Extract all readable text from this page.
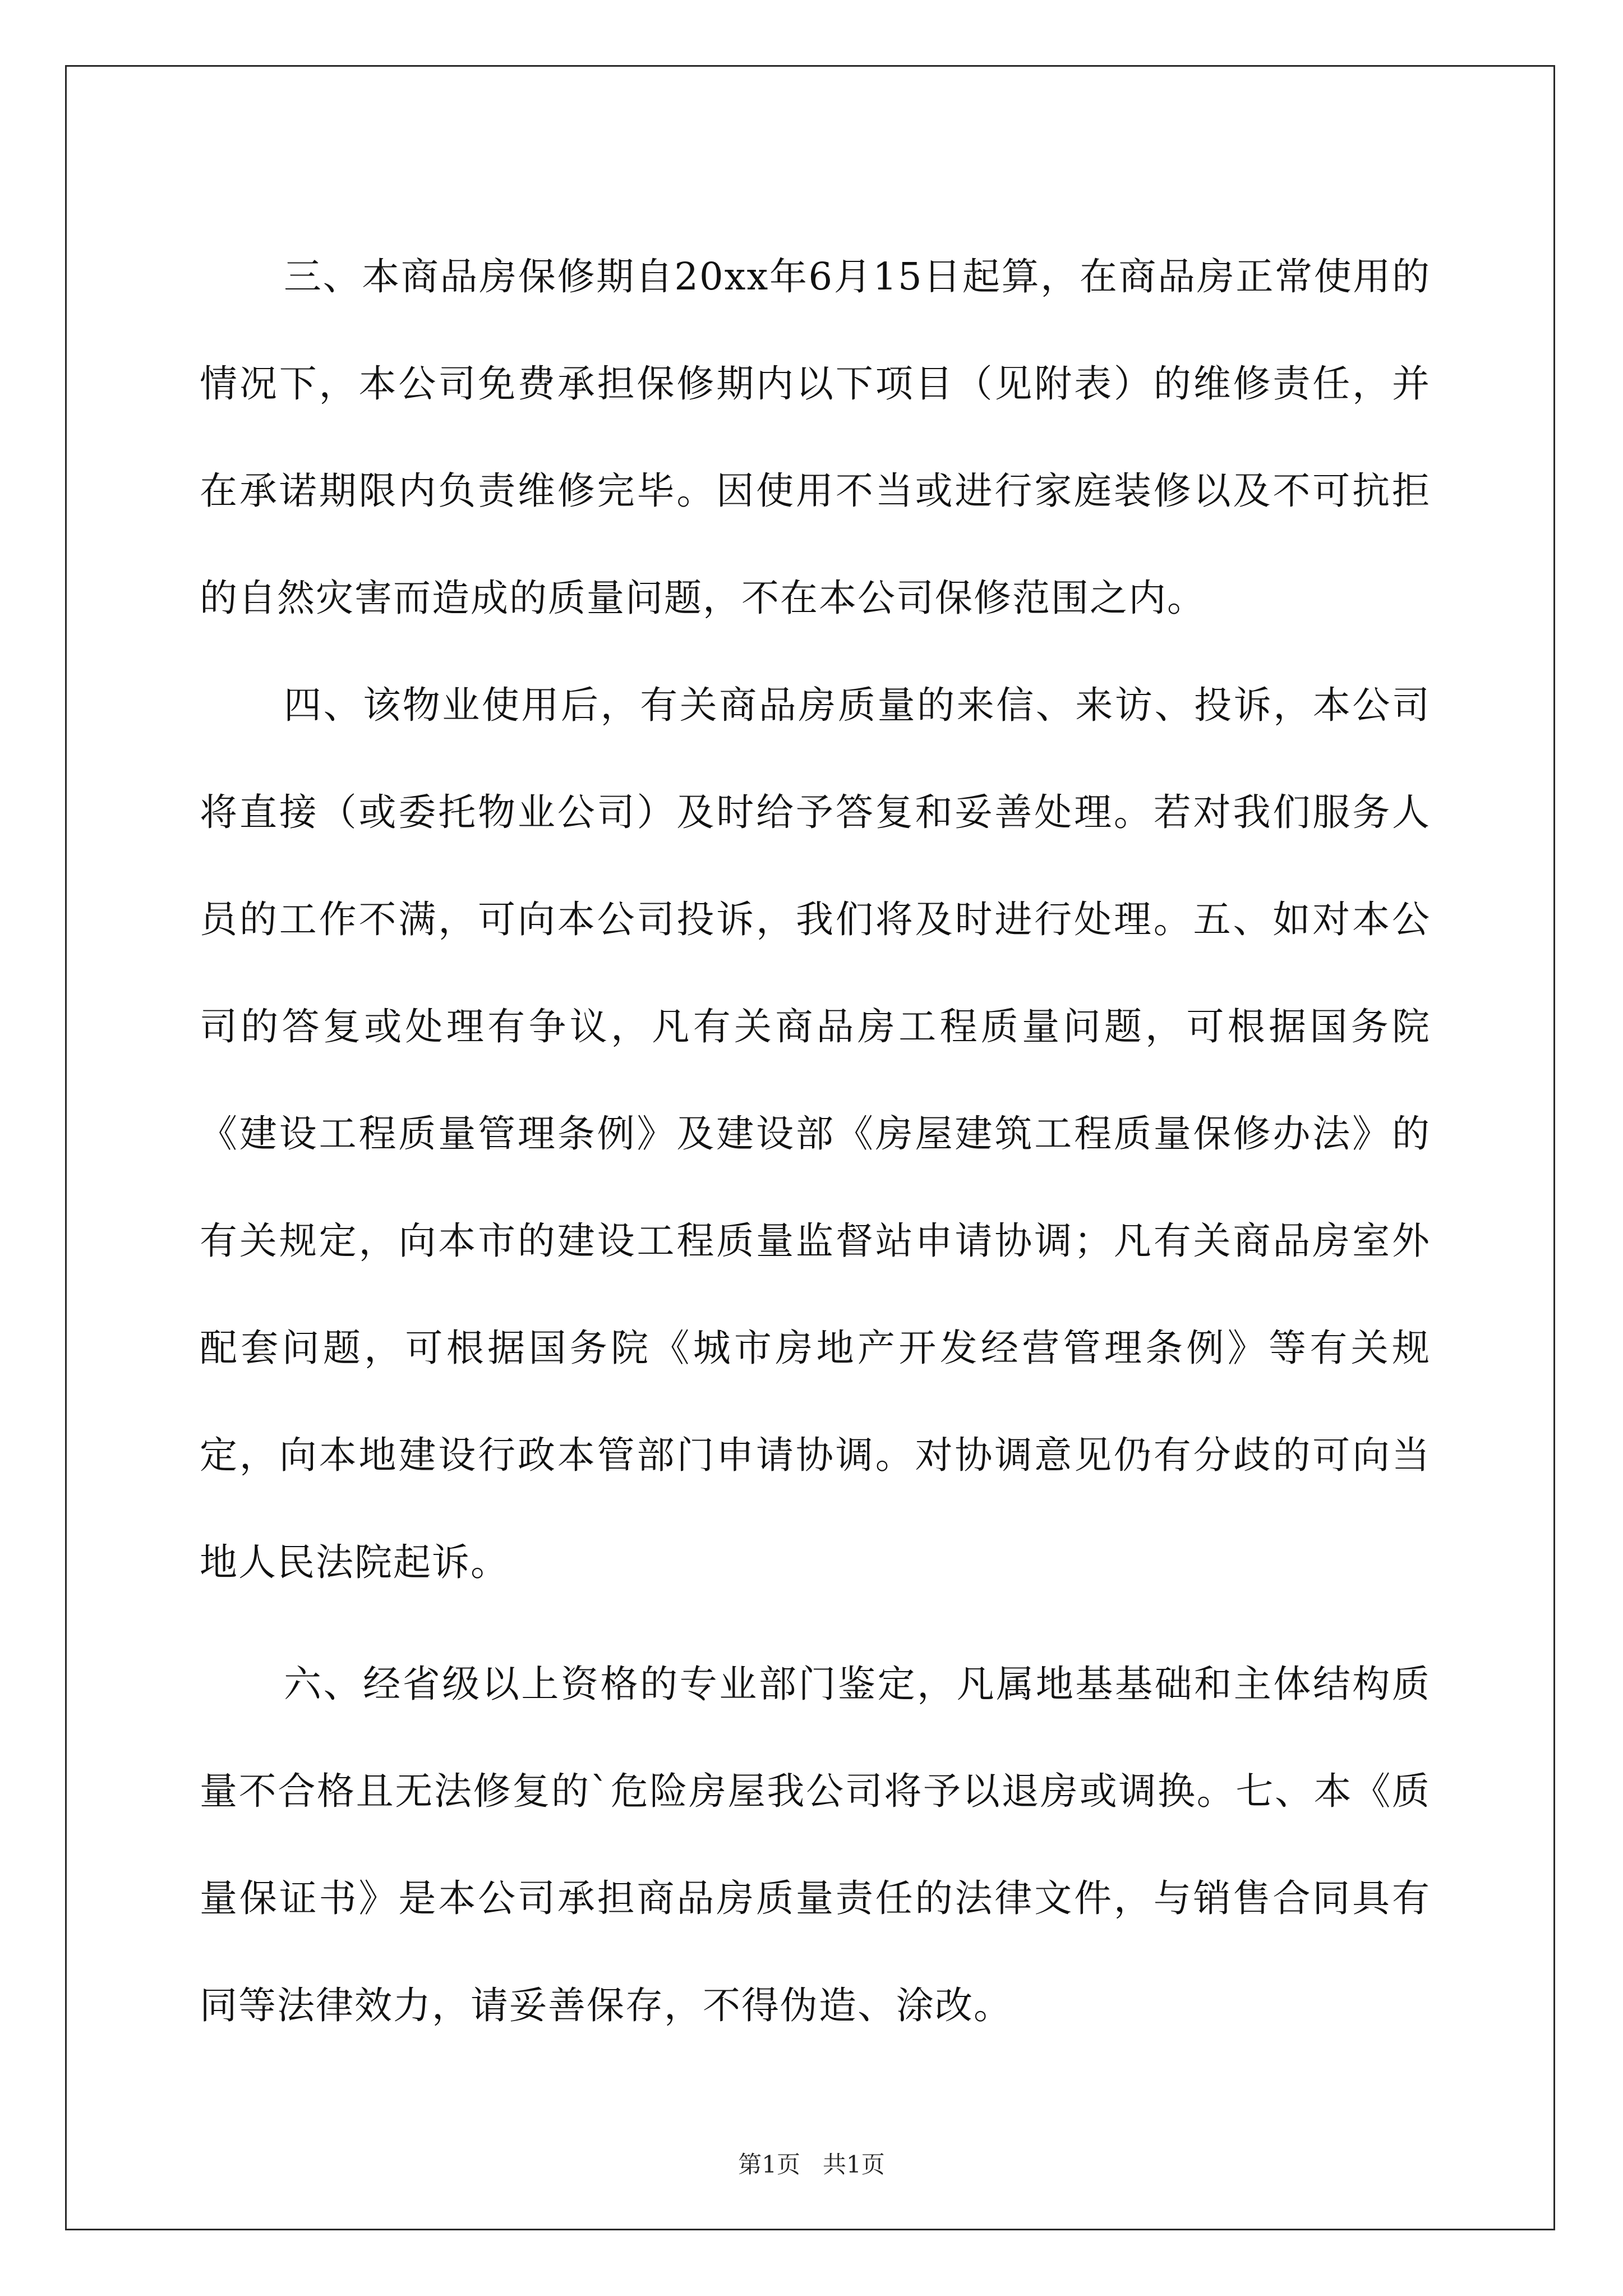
三、本商品房保修期自20xx年6月15日起算，在商品房正常使用的情况下，本公司免费承担保修期内以下项目（见附表）的维修责任，并在承诺期限内负责维修完毕。因使用不当或进行家庭装修以及不可抗拒的自然灾害而造成的质量问题，不在本公司保修范围之内。

四、该物业使用后，有关商品房质量的来信、来访、投诉，本公司将直接（或委托物业公司）及时给予答复和妥善处理。若对我们服务人员的工作不满，可向本公司投诉，我们将及时进行处理。五、如对本公司的答复或处理有争议，凡有关商品房工程质量问题，可根据国务院《建设工程质量管理条例》及建设部《房屋建筑工程质量保修办法》的有关规定，向本市的建设工程质量监督站申请协调；凡有关商品房室外配套问题，可根据国务院《城市房地产开发经营管理条例》等有关规定，向本地建设行政本管部门申请协调。对协调意见仍有分歧的可向当地人民法院起诉。

六、经省级以上资格的专业部门鉴定，凡属地基基础和主体结构质量不合格且无法修复的`危险房屋我公司将予以退房或调换。七、本《质量保证书》是本公司承担商品房质量责任的法律文件，与销售合同具有同等法律效力，请妥善保存，不得伪造、涂改。

第1页   共1页
